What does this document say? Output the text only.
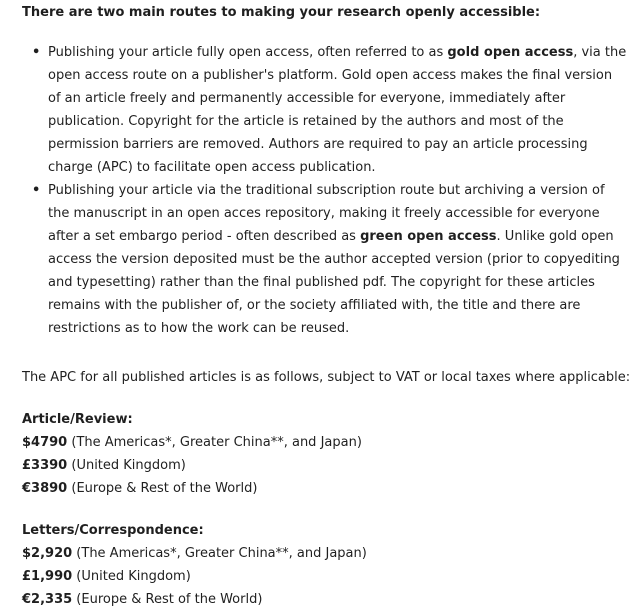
There are two main routes to making your research openly accessible:

• Publishing your article fully open access, often referred to as gold open access, via the
open access route on a publisher's platform. Gold open access makes the final version
of an article freely and permanently accessible for everyone, immediately after
publication. Copyright for the article is retained by the authors and most of the
permission barriers are removed. Authors are required to pay an article processing
charge (APC) to facilitate open access publication.
• Publishing your article via the traditional subscription route but archiving a version of
the manuscript in an open acces repository, making it freely accessible for everyone
after a set embargo period - often described as green open access. Unlike gold open
access the version deposited must be the author accepted version (prior to copyediting
and typesetting) rather than the final published pdf. The copyright for these articles
remains with the publisher of, or the society affiliated with, the title and there are
restrictions as to how the work can be reused.

The APC for all published articles is as follows, subject to VAT or local taxes where applicable:

Article/Review:
$4790 (The Americas*, Greater China**, and Japan)
£3390 (United Kingdom)
€3890 (Europe & Rest of the World)
Letters/Correspondence:
$2,920 (The Americas*, Greater China**, and Japan)
£1,990 (United Kingdom)
€2,335 (Europe & Rest of the World)
